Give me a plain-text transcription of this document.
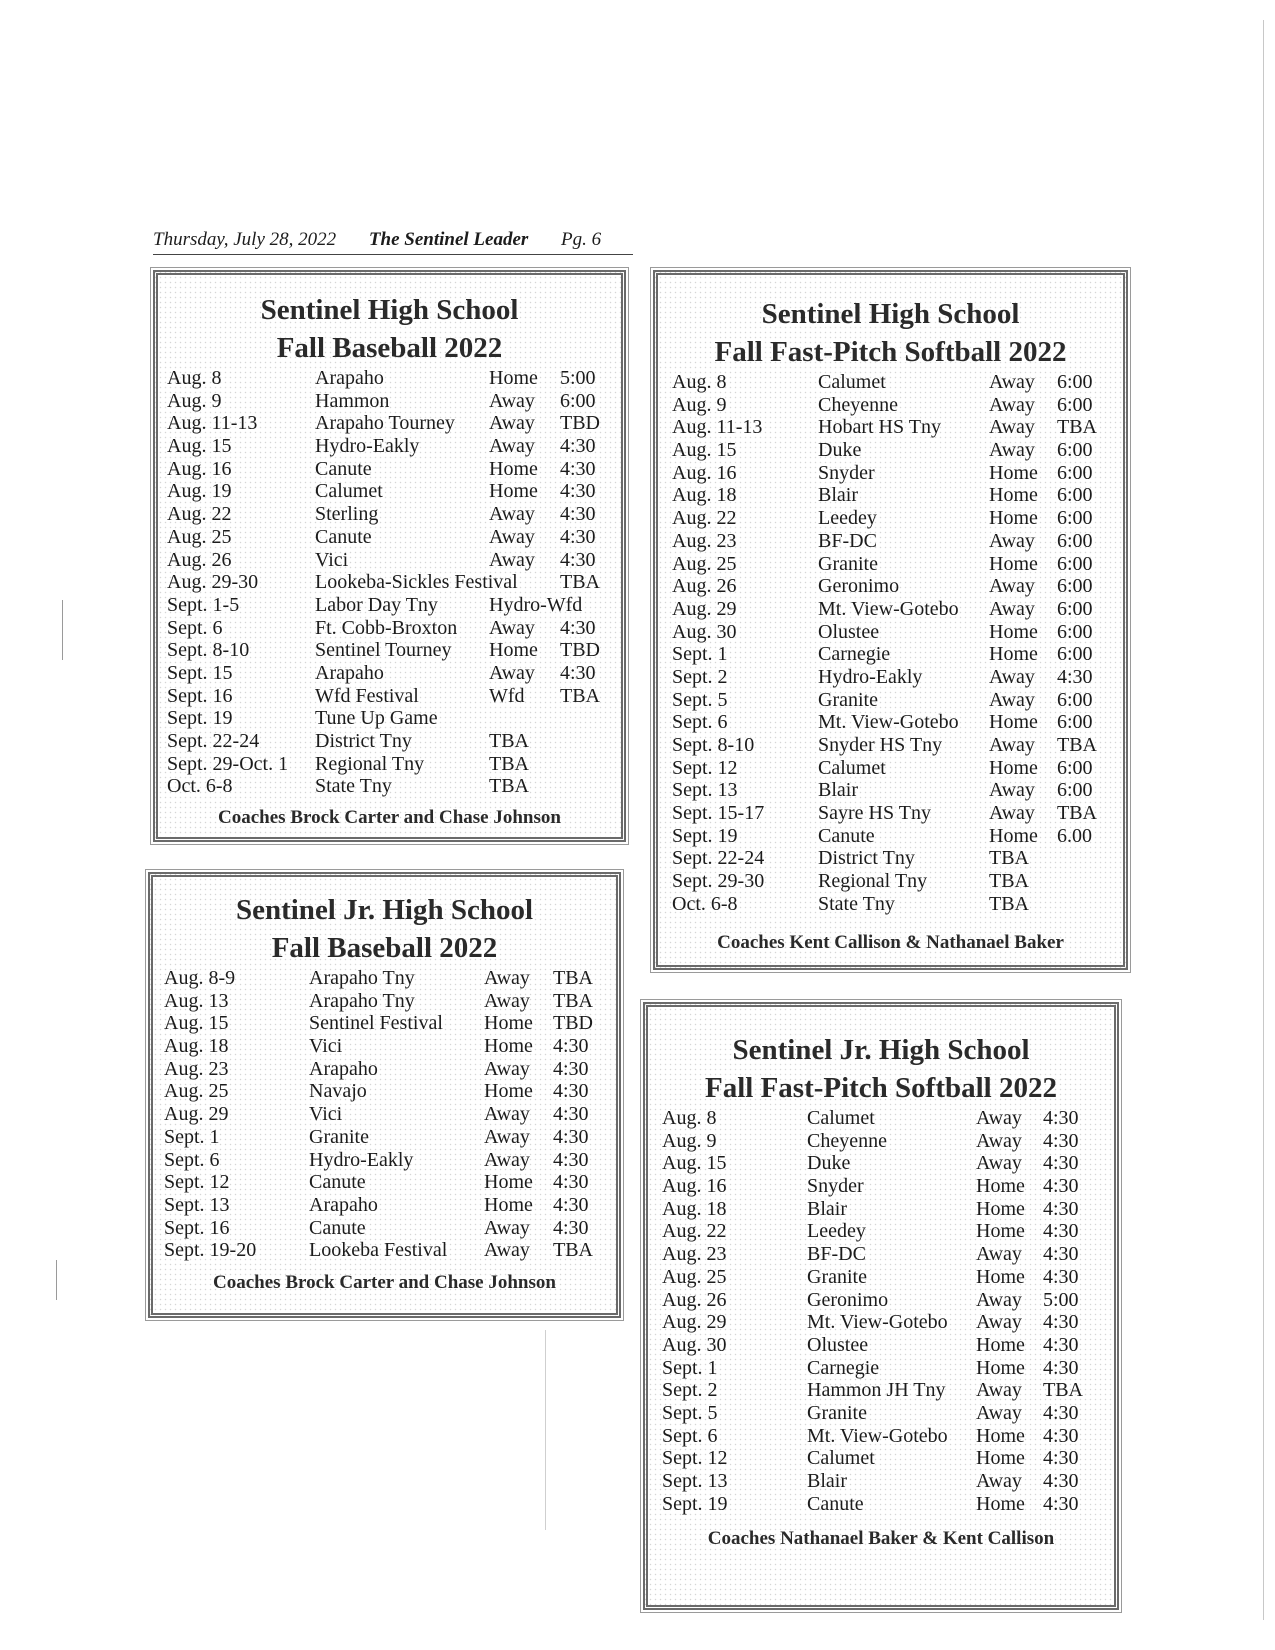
Thursday, July 28, 2022 The Sentinel Leader Pg. 6
Sentinel High School
Fall Baseball 2022
Aug. 8	Arapaho	Home 5:00
Aug. 9	Hammon	Away 6:00
Aug. 11-13	Arapaho Tourney Away TBD
Aug. 15	Hydro-Eakly	Away 4:30
Aug. 16	Canute	Home 4:30
Aug. 19	Calumet	Home 4:30
Aug. 22	Sterling	Away 4:30
Aug. 25	Canute	Away 4:30
Aug. 26	Vici	Away 4:30
Aug. 29-30	Lookeba-Sickles Festival TBA
Sept. 1-5	Labor Day Tny	Hydro-Wfd
Sept. 6	Ft. Cobb-Broxton Away 4:30
Sept. 8-10	Sentinel Tourney Home TBD
Sept. 15	Arapaho	Away 4:30
Sept. 16	Wfd Festival	Wfd TBA
Sept. 19	Tune Up Game
Sept. 22-24	District Tny	TBA
Sept. 29-Oct. 1 Regional Tny	TBA
Oct. 6-8	State Tny	TBA
Coaches Brock Carter and Chase Johnson
Sentinel Jr. High School
Fall Baseball 2022
Aug. 8-9	Arapaho Tny	Away TBA
Aug. 13	Arapaho Tny	Away TBA
Aug. 15	Sentinel Festival Home TBD
Aug. 18	Vici	Home 4:30
Aug. 23	Arapaho	Away 4:30
Aug. 25	Navajo	Home 4:30
Aug. 29	Vici	Away 4:30
Sept. 1	Granite	Away 4:30
Sept. 6	Hydro-Eakly	Away 4:30
Sept. 12	Canute	Home 4:30
Sept. 13	Arapaho	Home 4:30
Sept. 16	Canute	Away 4:30
Sept. 19-20	Lookeba Festival Away TBA
Coaches Brock Carter and Chase Johnson
Sentinel High School
Fall Fast-Pitch Softball 2022
Aug. 8	Calumet	Away 6:00
Aug. 9	Cheyenne	Away 6:00
Aug. 11-13	Hobart HS Tny Away TBA
Aug. 15	Duke	Away 6:00
Aug. 16	Snyder	Home 6:00
Aug. 18	Blair	Home 6:00
Aug. 22	Leedey	Home 6:00
Aug. 23	BF-DC	Away 6:00
Aug. 25	Granite	Home 6:00
Aug. 26	Geronimo	Away 6:00
Aug. 29	Mt. View-Gotebo Away 6:00
Aug. 30	Olustee	Home 6:00
Sept. 1	Carnegie	Home 6:00
Sept. 2	Hydro-Eakly	Away 4:30
Sept. 5	Granite	Away 6:00
Sept. 6	Mt. View-Gotebo Home 6:00
Sept. 8-10	Snyder HS Tny Away TBA
Sept. 12	Calumet	Home 6:00
Sept. 13	Blair	Away 6:00
Sept. 15-17	Sayre HS Tny	Away TBA
Sept. 19	Canute	Home 6.00
Sept. 22-24	District Tny	TBA
Sept. 29-30	Regional Tny	TBA
Oct. 6-8	State Tny	TBA
Coaches Kent Callison & Nathanael Baker
Sentinel Jr. High School
Fall Fast-Pitch Softball 2022
Aug. 8	Calumet	Away 4:30
Aug. 9	Cheyenne	Away 4:30
Aug. 15	Duke	Away 4:30
Aug. 16	Snyder	Home 4:30
Aug. 18	Blair	Home 4:30
Aug. 22	Leedey	Home 4:30
Aug. 23	BF-DC	Away 4:30
Aug. 25	Granite	Home 4:30
Aug. 26	Geronimo	Away 5:00
Aug. 29	Mt. View-Gotebo Away 4:30
Aug. 30	Olustee	Home 4:30
Sept. 1	Carnegie	Home 4:30
Sept. 2	Hammon JH Tny Away TBA
Sept. 5	Granite	Away 4:30
Sept. 6	Mt. View-Gotebo Home 4:30
Sept. 12	Calumet	Home 4:30
Sept. 13	Blair	Away 4:30
Sept. 19	Canute	Home 4:30
Coaches Nathanael Baker & Kent Callison
